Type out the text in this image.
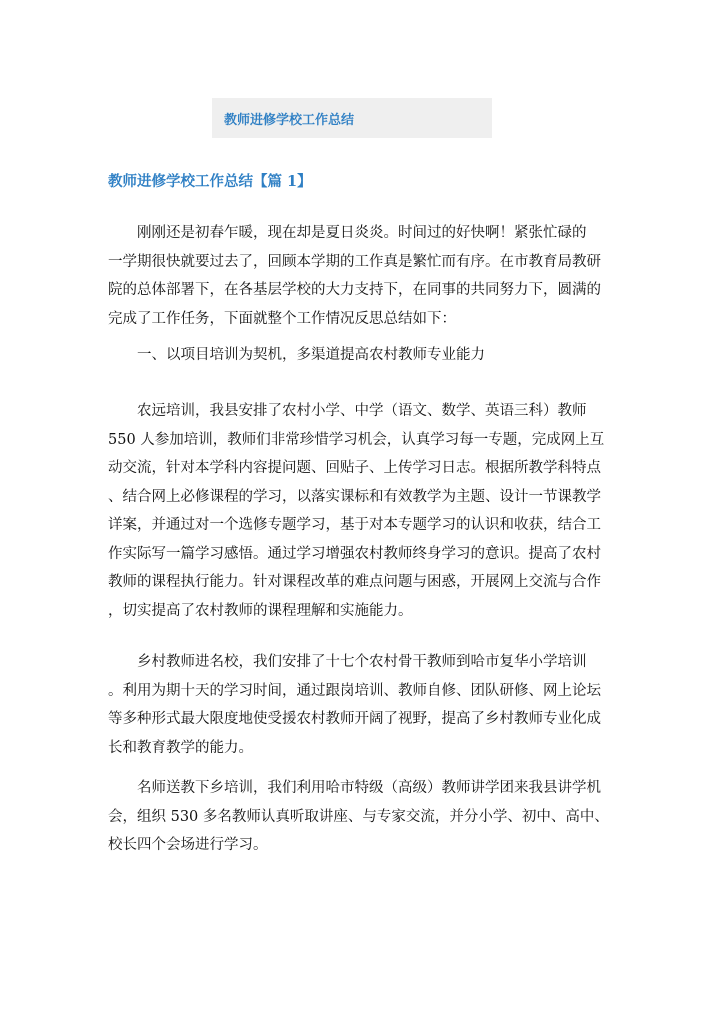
教师进修学校工作总结
教师进修学校工作总结【篇 1】

　　刚刚还是初春乍暖，现在却是夏日炎炎。时间过的好快啊！紧张忙碌的
一学期很快就要过去了，回顾本学期的工作真是繁忙而有序。在市教育局教研
院的总体部署下，在各基层学校的大力支持下，在同事的共同努力下，圆满的
完成了工作任务，下面就整个工作情况反思总结如下：

　　一、以项目培训为契机，多渠道提高农村教师专业能力

　　农远培训，我县安排了农村小学、中学（语文、数学、英语三科）教师
550 人参加培训，教师们非常珍惜学习机会，认真学习每一专题，完成网上互
动交流，针对本学科内容提问题、回贴子、上传学习日志。根据所教学科特点
、结合网上必修课程的学习，以落实课标和有效教学为主题、设计一节课教学
详案，并通过对一个选修专题学习，基于对本专题学习的认识和收获，结合工
作实际写一篇学习感悟。通过学习增强农村教师终身学习的意识。提高了农村
教师的课程执行能力。针对课程改革的难点问题与困惑，开展网上交流与合作
，切实提高了农村教师的课程理解和实施能力。

　　乡村教师进名校，我们安排了十七个农村骨干教师到哈市复华小学培训
。利用为期十天的学习时间，通过跟岗培训、教师自修、团队研修、网上论坛
等多种形式最大限度地使受援农村教师开阔了视野，提高了乡村教师专业化成
长和教育教学的能力。

　　名师送教下乡培训，我们利用哈市特级（高级）教师讲学团来我县讲学机
会，组织 530 多名教师认真听取讲座、与专家交流，并分小学、初中、高中、
校长四个会场进行学习。
